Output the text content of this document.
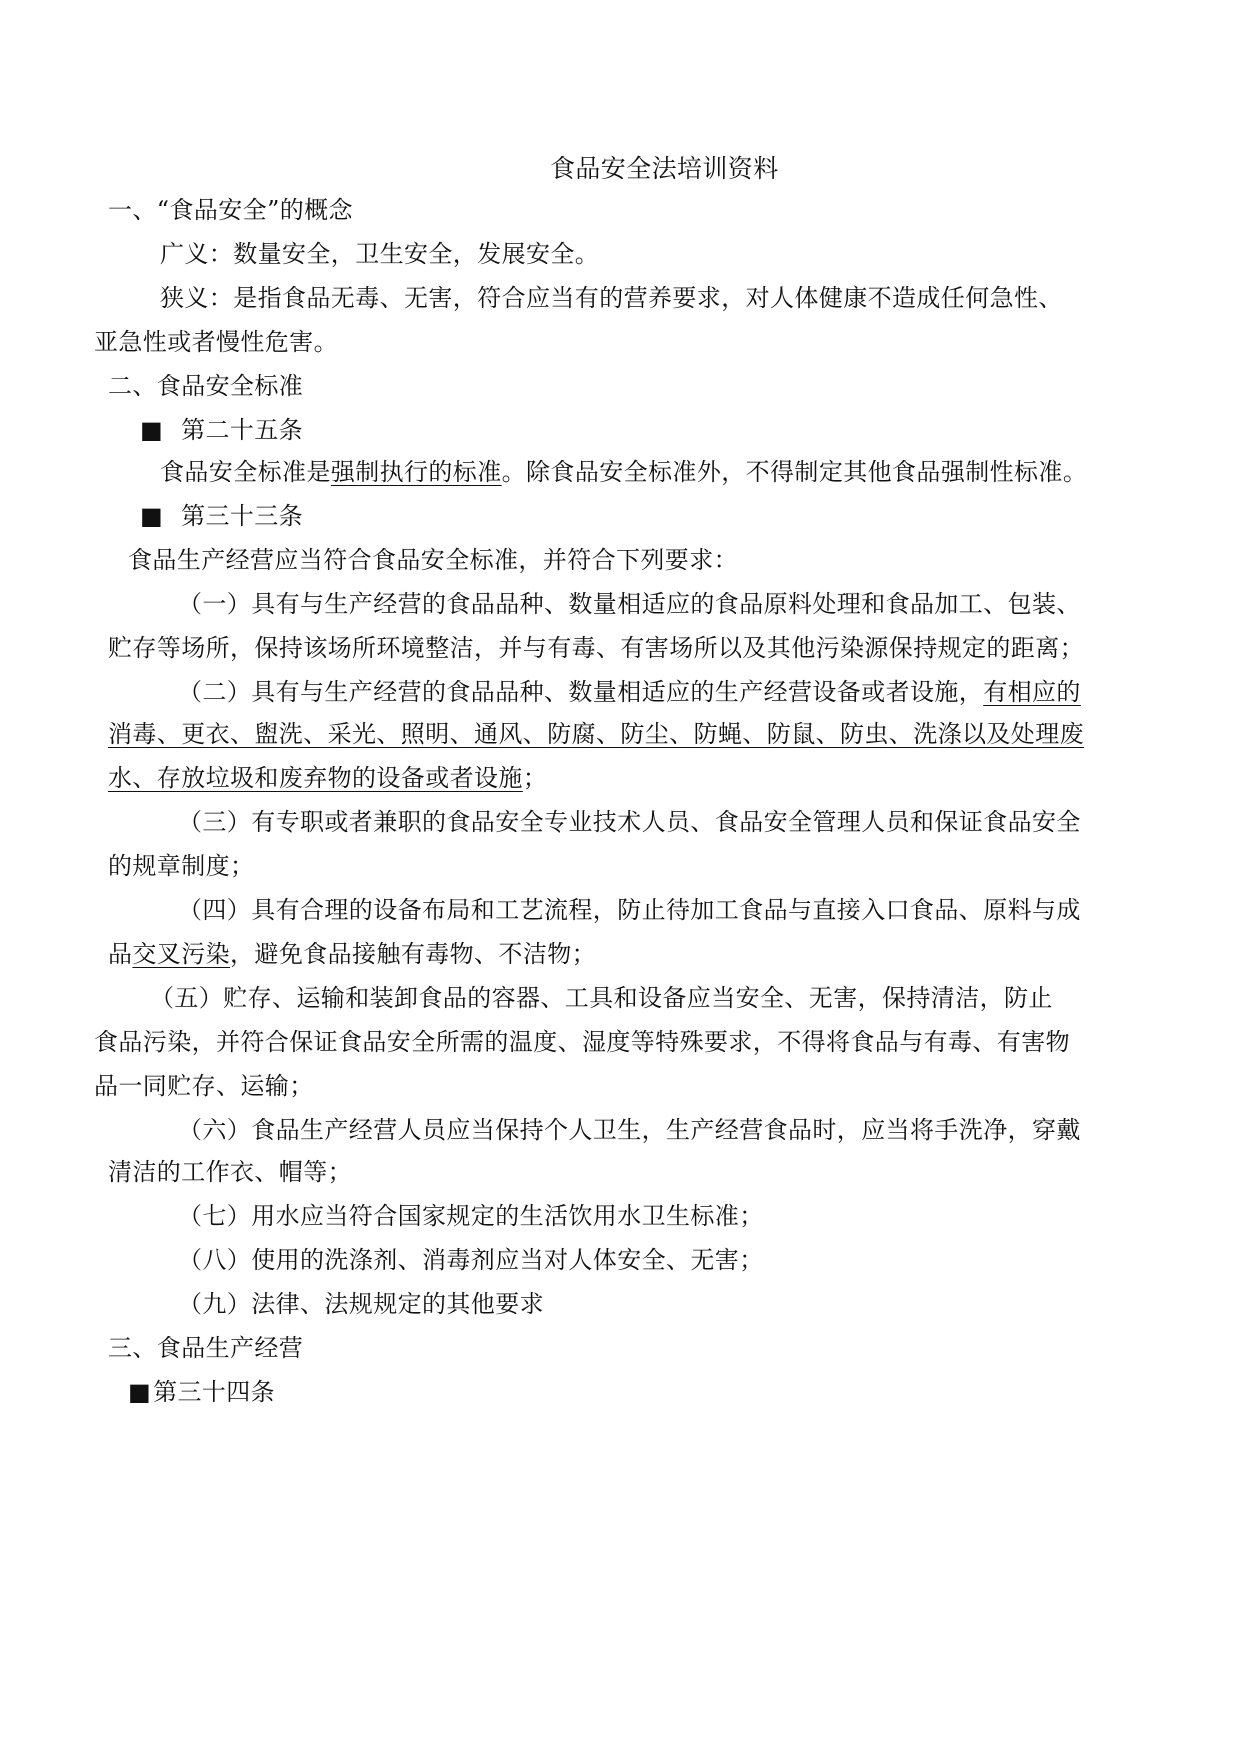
食品安全法培训资料
一、“食品安全”的概念
广义：数量安全，卫生安全，发展安全。
狭义：是指食品无毒、无害，符合应当有的营养要求，对人体健康不造成任何急性、
亚急性或者慢性危害。
二、食品安全标准
■ 第二十五条
食品安全标准是强制执行的标准。除食品安全标准外，不得制定其他食品强制性标准。
■ 第三十三条
食品生产经营应当符合食品安全标准，并符合下列要求：
（一）具有与生产经营的食品品种、数量相适应的食品原料处理和食品加工、包装、
贮存等场所，保持该场所环境整洁，并与有毒、有害场所以及其他污染源保持规定的距离；
（二）具有与生产经营的食品品种、数量相适应的生产经营设备或者设施，有相应的
消毒、更衣、盥洗、采光、照明、通风、防腐、防尘、防蝇、防鼠、防虫、洗涤以及处理废
水、存放垃圾和废弃物的设备或者设施；
（三）有专职或者兼职的食品安全专业技术人员、食品安全管理人员和保证食品安全
的规章制度；
（四）具有合理的设备布局和工艺流程，防止待加工食品与直接入口食品、原料与成
品交叉污染，避免食品接触有毒物、不洁物；
（五）贮存、运输和装卸食品的容器、工具和设备应当安全、无害，保持清洁，防止
食品污染，并符合保证食品安全所需的温度、湿度等特殊要求，不得将食品与有毒、有害物
品一同贮存、运输；
（六）食品生产经营人员应当保持个人卫生，生产经营食品时，应当将手洗净，穿戴
清洁的工作衣、帽等；
（七）用水应当符合国家规定的生活饮用水卫生标准；
（八）使用的洗涤剂、消毒剂应当对人体安全、无害；
（九）法律、法规规定的其他要求
三、食品生产经营
■第三十四条
